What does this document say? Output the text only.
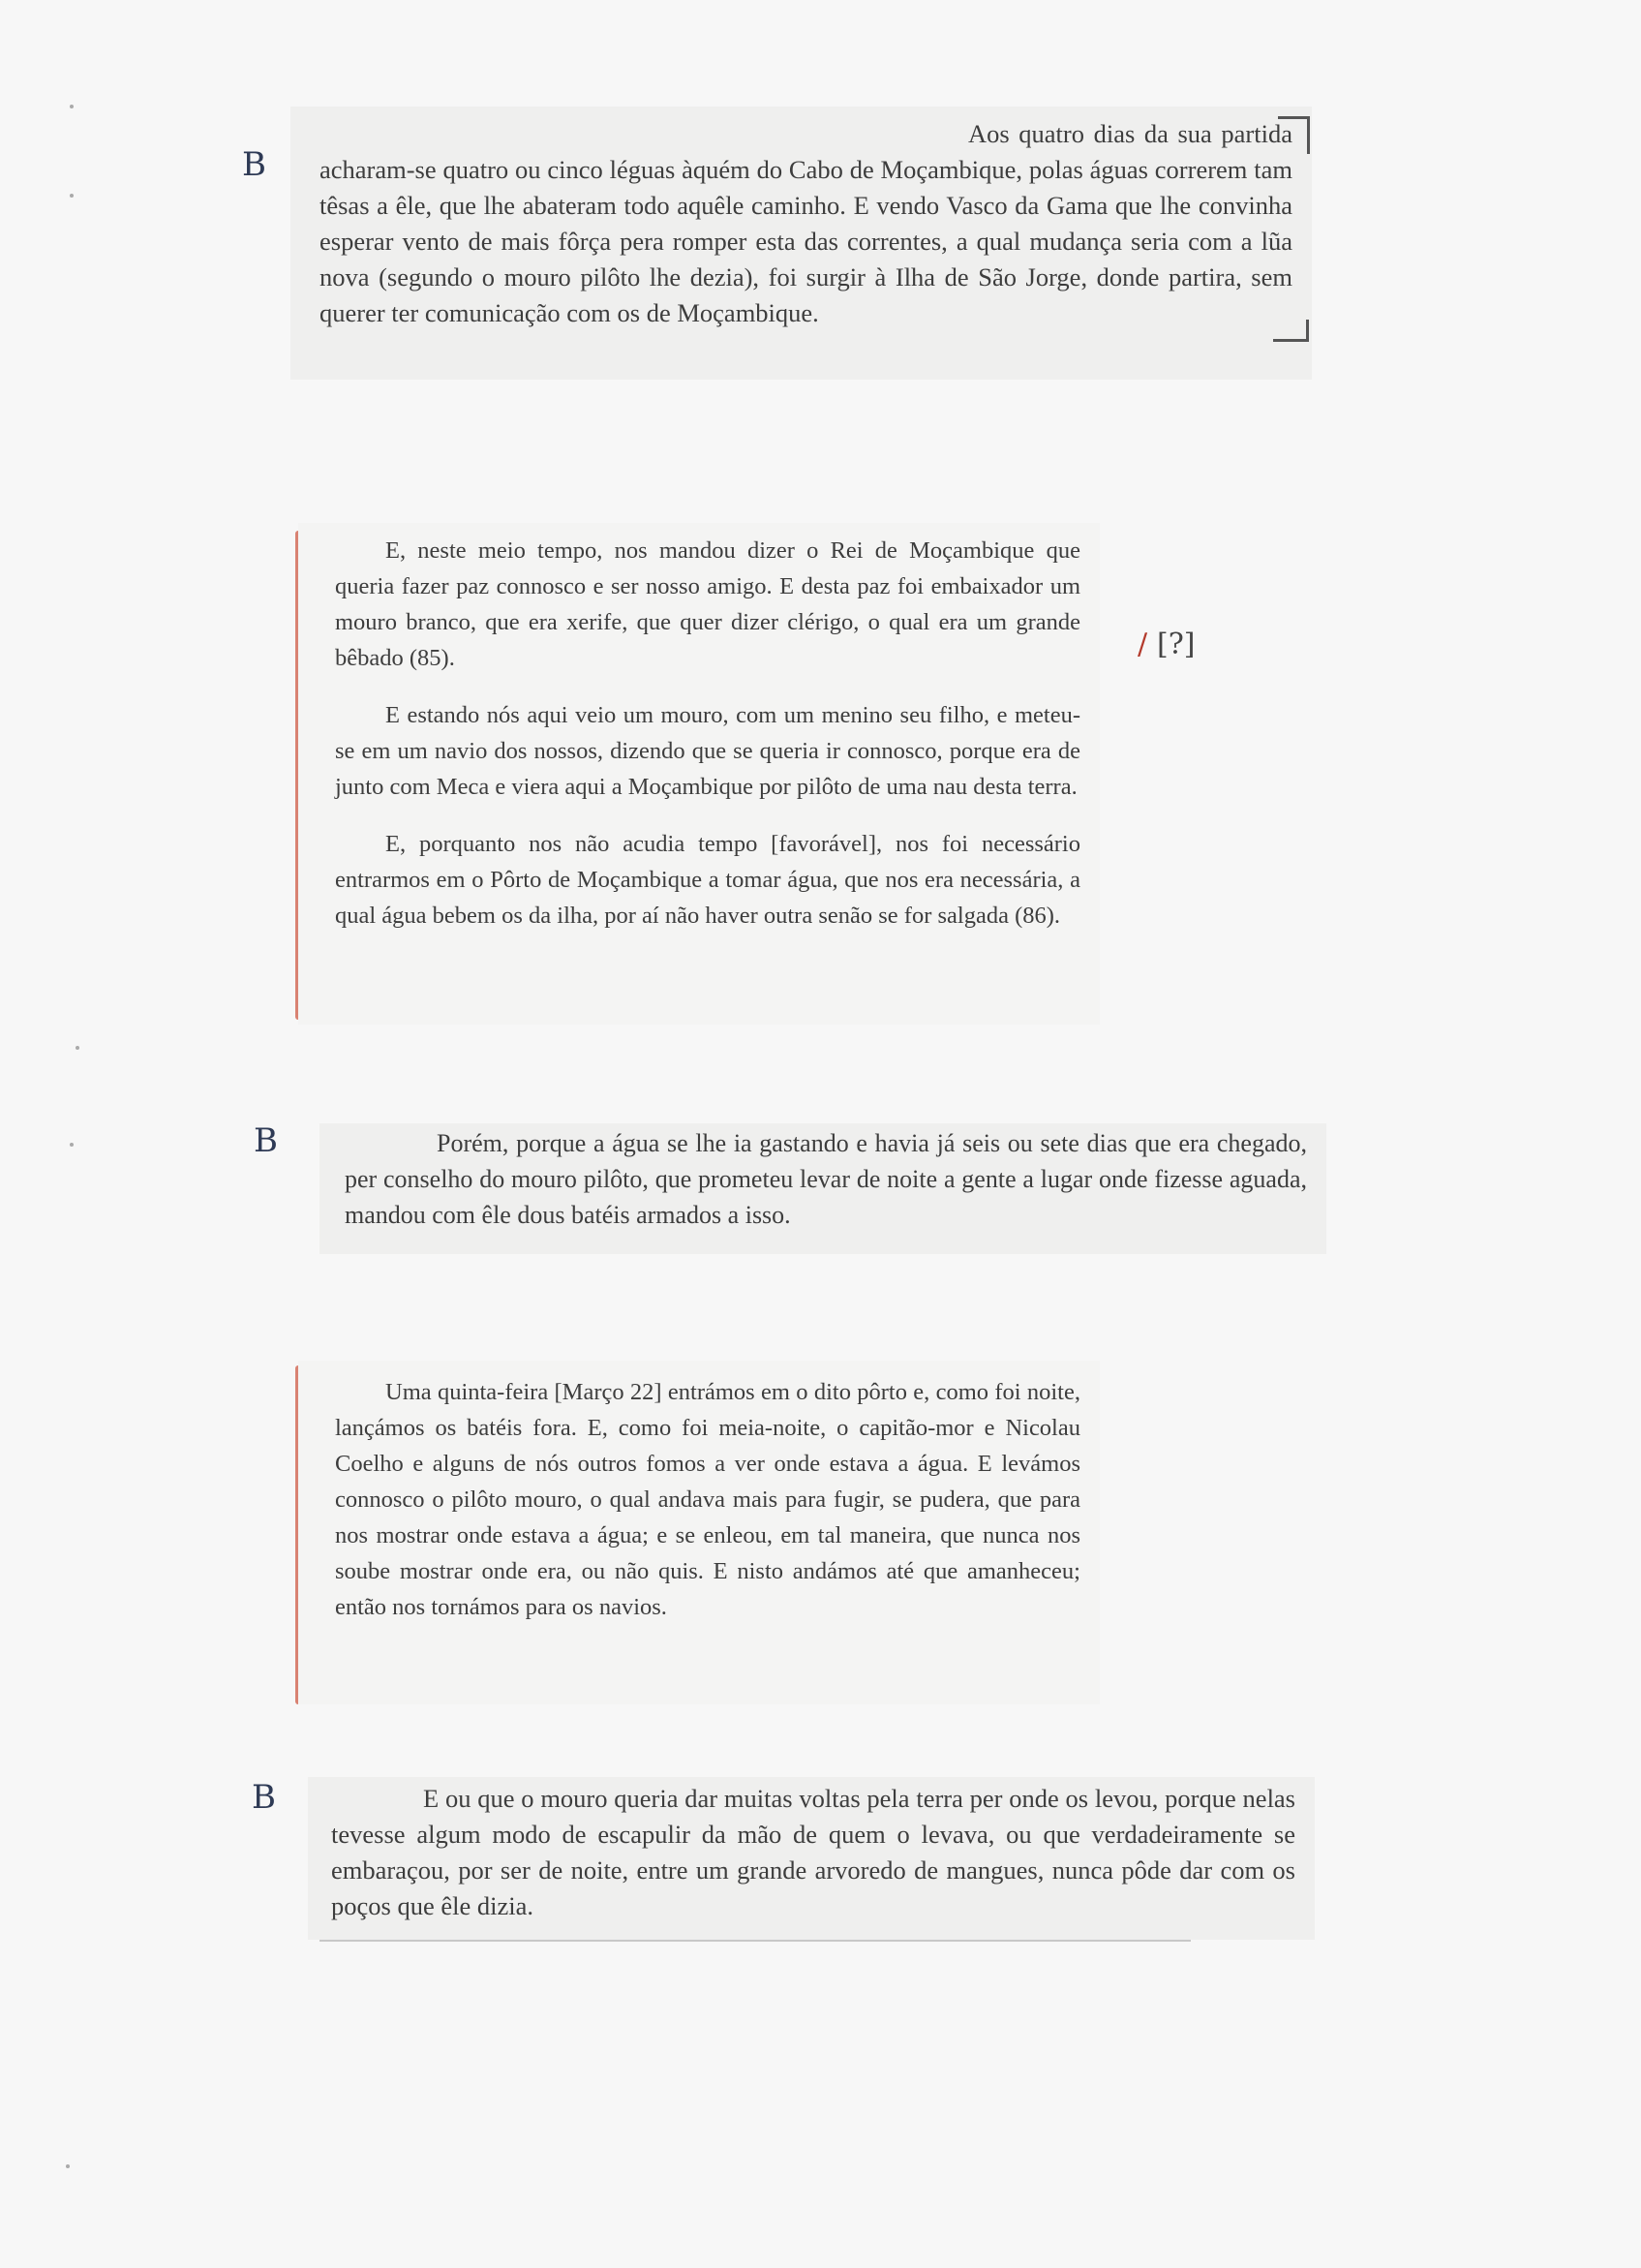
B

Aos quatro dias da sua partida acharam-se quatro ou cinco léguas àquém do Cabo de Moçambique, polas águas correrem tam têsas a êle, que lhe abateram todo aquêle caminho. E vendo Vasco da Gama que lhe convinha esperar vento de mais fôrça pera romper esta das correntes, a qual mudança seria com a lũa nova (segundo o mouro pilôto lhe dezia), foi surgir à Ilha de São Jorge, donde partira, sem querer ter comunicação com os de Moçambique.

E, neste meio tempo, nos mandou dizer o Rei de Moçambique que queria fazer paz connosco e ser nosso amigo. E desta paz foi embaixador um mouro branco, que era xerife, que quer dizer clérigo, o qual era um grande bêbado (85).

E estando nós aqui veio um mouro, com um menino seu filho, e meteu-se em um navio dos nossos, dizendo que se queria ir connosco, porque era de junto com Meca e viera aqui a Moçambique por pilôto de uma nau desta terra.

E, porquanto nos não acudia tempo [favorável], nos foi necessário entrarmos em o Pôrto de Moçambique a tomar água, que nos era necessária, a qual água bebem os da ilha, por aí não haver outra senão se for salgada (86).

/ [?]
B	Porém, porque a água se lhe ia gastando e havia já seis ou sete dias que era chegado, per conselho do mouro pilôto, que prometeu levar de noite a gente a lugar onde fizesse aguada, mandou com êle dous batéis armados a isso.

Uma quinta-feira [Março 22] entrámos em o dito pôrto e, como foi noite, lançámos os batéis fora. E, como foi meia-noite, o capitão-mor e Nicolau Coelho e alguns de nós outros fomos a ver onde estava a água. E levámos connosco o pilôto mouro, o qual andava mais para fugir, se pudera, que para nos mostrar onde estava a água; e se enleou, em tal maneira, que nunca nos soube mostrar onde era, ou não quis. E nisto andámos até que amanheceu; então nos tornámos para os navios.

B	E ou que o mouro queria dar muitas voltas pela terra per onde os levou, porque nelas tevesse algum modo de escapulir da mão de quem o levava, ou que verdadeiramente se embaraçou, por ser de noite, entre um grande arvoredo de mangues, nunca pôde dar com os poços que êle dizia.
